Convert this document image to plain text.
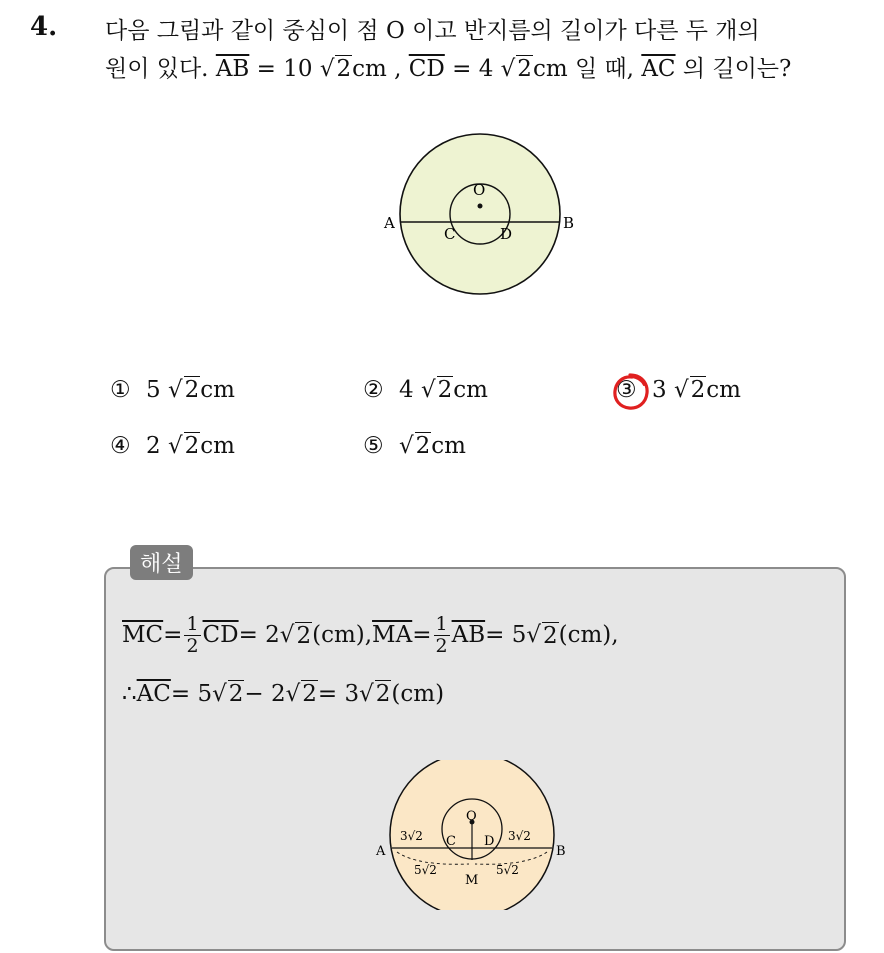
4. 다음 그림과 같이 중심이 점 O 이고 반지름의 길이가 다른 두 개의
원이 있다. $\overline{AB} = 10$ √2cm , $\overline{CD} = 4$ √2cm 일 때, $\overline{AC}$ 의 길이는?
O
A	B
C	D
① 5 √2cm	② 4 √2cm	③ 3 √2cm
④ 2 √2cm	⑤ √2cm
해설
$\overline{MC} = \frac{1}{2} \overline{CD} = 2$ √ 2 (cm), $\overline{MA} = \frac{1}{2} \overline{AB} = 5$ √ 2 (cm),
∴ $\overline{AC} = 5$ √ 2 − 2 √ 2 = 3 √ 2 (cm)
O
A	B
C D
M
3√2	3√2
5√2	5√2
